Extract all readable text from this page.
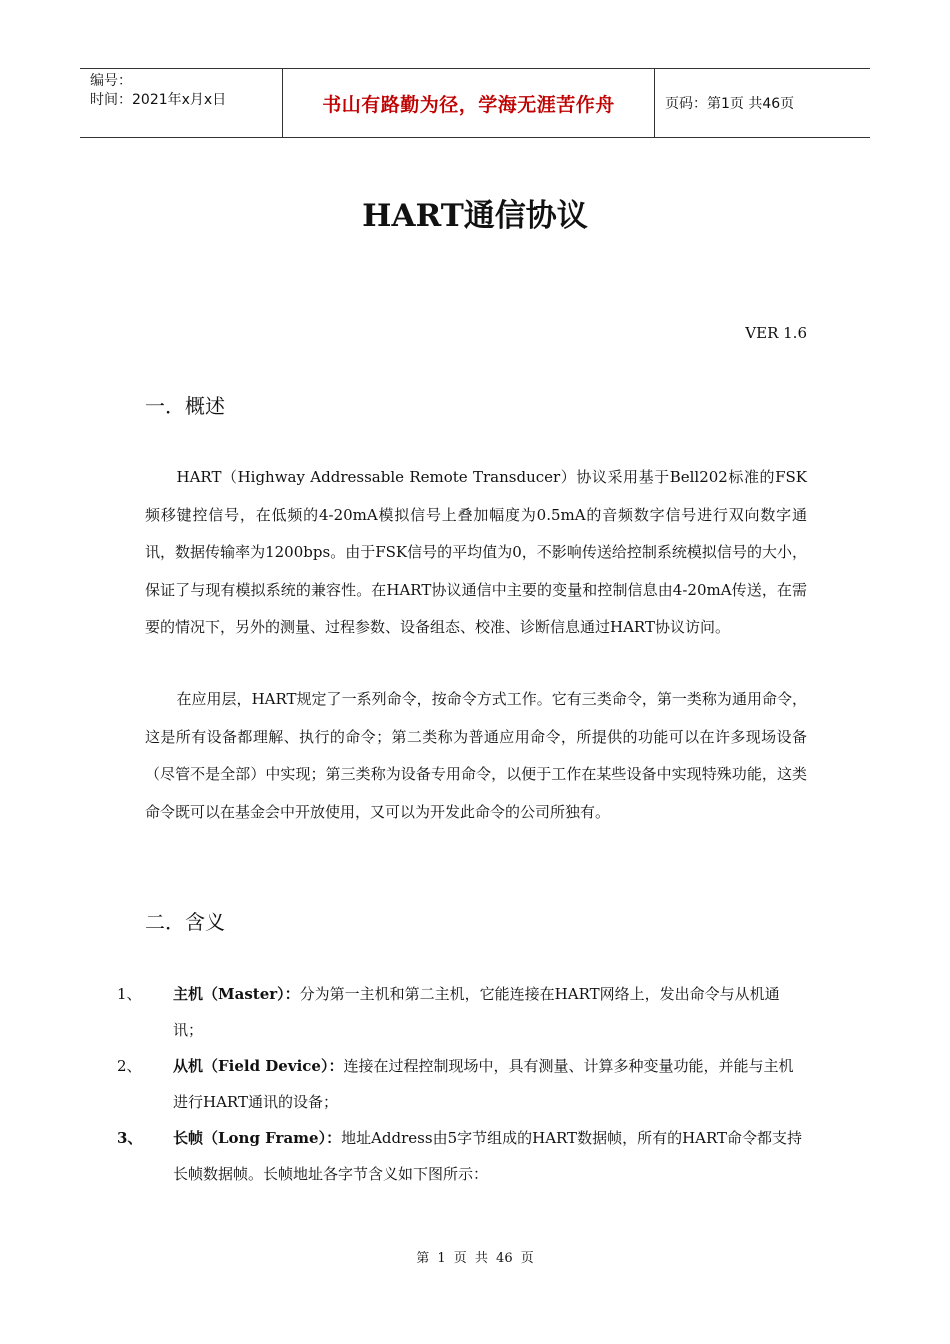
编号：
时间：2021年x月x日	书山有路勤为径，学海无涯苦作舟	页码：第1页 共46页
HART通信协议
VER 1.6
一．概述

HART（Highway Addressable Remote Transducer）协议采用基于Bell202标准的FSK频移键控信号，在低频的4-20mA模拟信号上叠加幅度为0.5mA的音频数字信号进行双向数字通讯，数据传输率为1200bps。由于FSK信号的平均值为0，不影响传送给控制系统模拟信号的大小，保证了与现有模拟系统的兼容性。在HART协议通信中主要的变量和控制信息由4-20mA传送，在需要的情况下，另外的测量、过程参数、设备组态、校准、诊断信息通过HART协议访问。

在应用层，HART规定了一系列命令，按命令方式工作。它有三类命令，第一类称为通用命令，这是所有设备都理解、执行的命令；第二类称为普通应用命令，所提供的功能可以在许多现场设备（尽管不是全部）中实现；第三类称为设备专用命令，以便于工作在某些设备中实现特殊功能，这类命令既可以在基金会中开放使用，又可以为开发此命令的公司所独有。

二．含义
1、 主机（Master）：分为第一主机和第二主机，它能连接在HART网络上，发出命令与从机通讯；
2、 从机（Field Device）：连接在过程控制现场中，具有测量、计算多种变量功能，并能与主机进行HART通讯的设备；
3、 长帧（Long Frame）：地址Address由5字节组成的HART数据帧，所有的HART命令都支持长帧数据帧。长帧地址各字节含义如下图所示：
第 1 页 共 46 页
